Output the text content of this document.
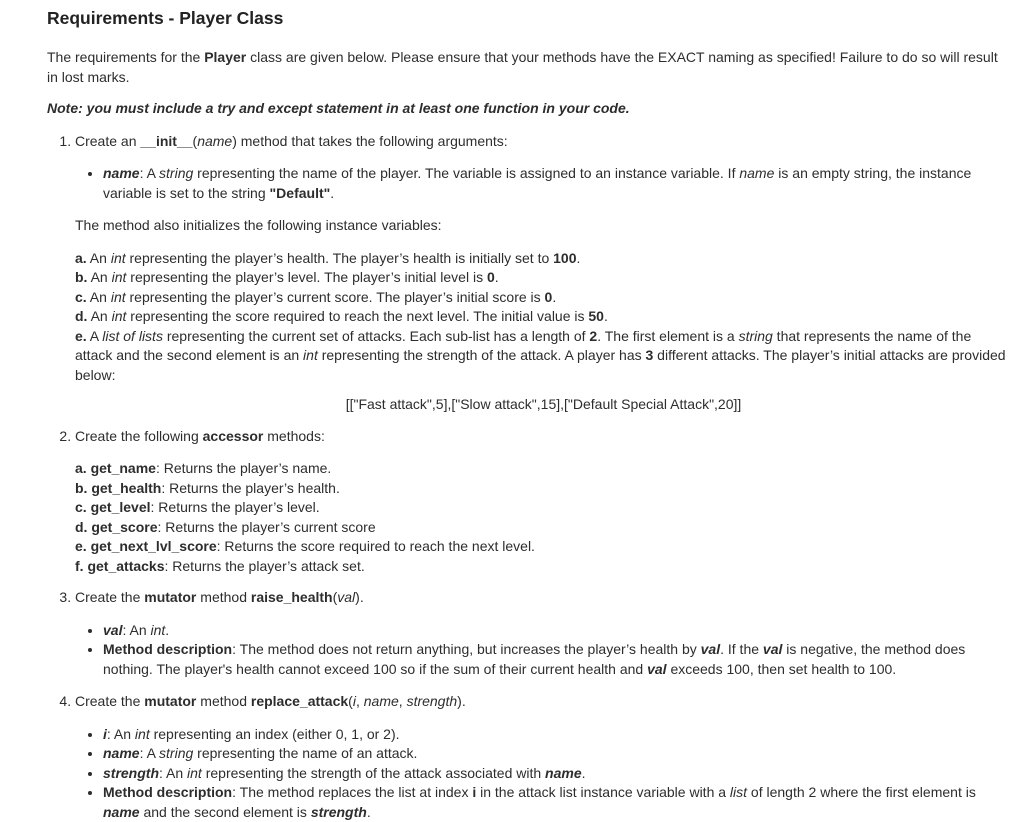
Requirements - Player Class

The requirements for the Player class are given below. Please ensure that your methods have the EXACT naming as specified! Failure to do so will result in lost marks.

Note: you must include a try and except statement in at least one function in your code.

1. Create an __init__(name) method that takes the following arguments:
• name: A string representing the name of the player. The variable is assigned to an instance variable. If name is an empty string, the instance variable is set to the string "Default".

The method also initializes the following instance variables:

a. An int representing the player’s health. The player’s health is initially set to 100.

b. An int representing the player’s level. The player’s initial level is 0.

c. An int representing the player’s current score. The player’s initial score is 0.

d. An int representing the score required to reach the next level. The initial value is 50.

e. A list of lists representing the current set of attacks. Each sub-list has a length of 2. The first element is a string that represents the name of the attack and the second element is an int representing the strength of the attack. A player has 3 different attacks. The player’s initial attacks are provided below:

[["Fast attack",5],["Slow attack",15],["Default Special Attack",20]]

2. Create the following accessor methods:

a. get_name: Returns the player’s name.

b. get_health: Returns the player’s health.

c. get_level: Returns the player’s level.

d. get_score: Returns the player’s current score

e. get_next_lvl_score: Returns the score required to reach the next level.

f. get_attacks: Returns the player’s attack set.

3. Create the mutator method raise_health(val).
• val: An int.
• Method description: The method does not return anything, but increases the player’s health by val. If the val is negative, the method does nothing. The player's health cannot exceed 100 so if the sum of their current health and val exceeds 100, then set health to 100.
4. Create the mutator method replace_attack(i, name, strength).
• i: An int representing an index (either 0, 1, or 2).
• name: A string representing the name of an attack.
• strength: An int representing the strength of the attack associated with name.
• Method description: The method replaces the list at index i in the attack list instance variable with a list of length 2 where the first element is name and the second element is strength.
